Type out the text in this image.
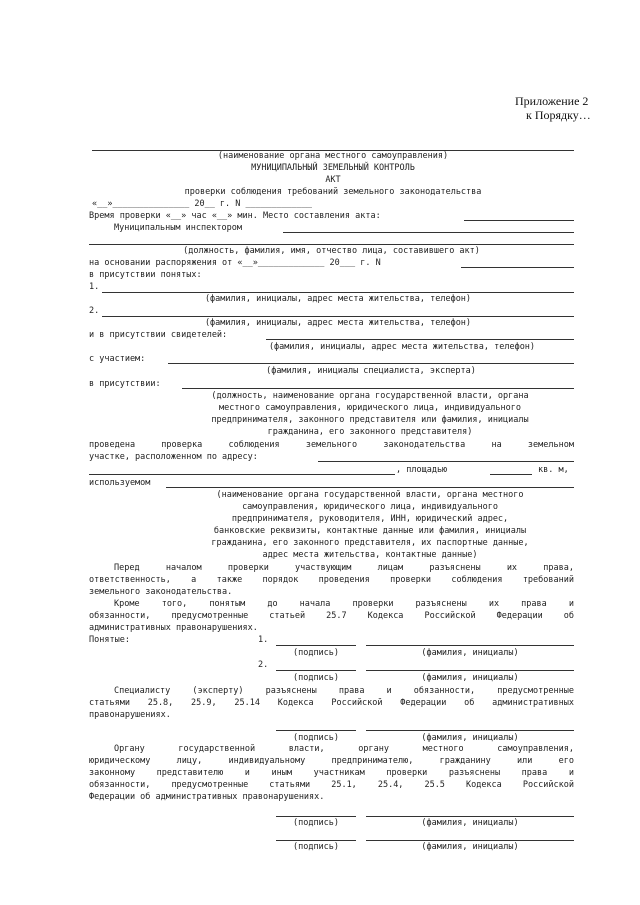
Приложение 2
к Порядку…
(наименование органа местного самоуправления)
МУНИЦИПАЛЬНЫЙ ЗЕМЕЛЬНЫЙ КОНТРОЛЬ
АКТ
проверки соблюдения требований земельного законодательства
«__»_______________ 20__ г. N _____________
Время проверки «__» час «__» мин. Место составления акта:
Муниципальным инспектором
(должность, фамилия, имя, отчество лица, составившего акт)
на основании распоряжения от «__»_____________ 20___ г. N
в присутствии понятых:
1.
(фамилия, инициалы, адрес места жительства, телефон)
2.
(фамилия, инициалы, адрес места жительства, телефон)
и в присутствии свидетелей:
(фамилия, инициалы, адрес места жительства, телефон)
с участием:
(фамилия, инициалы специалиста, эксперта)
в присутствии:
(должность, наименование органа государственной власти, органа
местного самоуправления, юридического лица, индивидуального
предпринимателя, законного представителя или фамилия, инициалы
гражданина, его законного представителя)
проведена проверка соблюдения земельного законодательства на земельном
участке, расположенном по адресу:
, площадью	кв. м,
используемом
(наименование органа государственной власти, органа местного
самоуправления, юридического лица, индивидуального
предпринимателя, руководителя, ИНН, юридический адрес,
банковские реквизиты, контактные данные или фамилия, инициалы
гражданина, его законного представителя, их паспортные данные,
адрес места жительства, контактные данные)
Перед началом проверки участвующим лицам разъяснены их права,
ответственность, а также порядок проведения проверки соблюдения требований
земельного законодательства.
Кроме того, понятым до начала проверки разъяснены их права и
обязанности, предусмотренные статьей 25.7 Кодекса Российской Федерации об
административных правонарушениях.
Понятые:	1.
(подпись)	(фамилия, инициалы)
2.
(подпись)	(фамилия, инициалы)
Специалисту (эксперту) разъяснены права и обязанности, предусмотренные
статьями 25.8, 25.9, 25.14 Кодекса Российской Федерации об административных
правонарушениях.
(подпись)	(фамилия, инициалы)
Органу государственной власти, органу местного самоуправления,
юридическому лицу, индивидуальному предпринимателю, гражданину или его
законному представителю и иным участникам проверки разъяснены права и
обязанности, предусмотренные статьями 25.1, 25.4, 25.5 Кодекса Российской
Федерации об административных правонарушениях.
(подпись)	(фамилия, инициалы)
(подпись)	(фамилия, инициалы)
